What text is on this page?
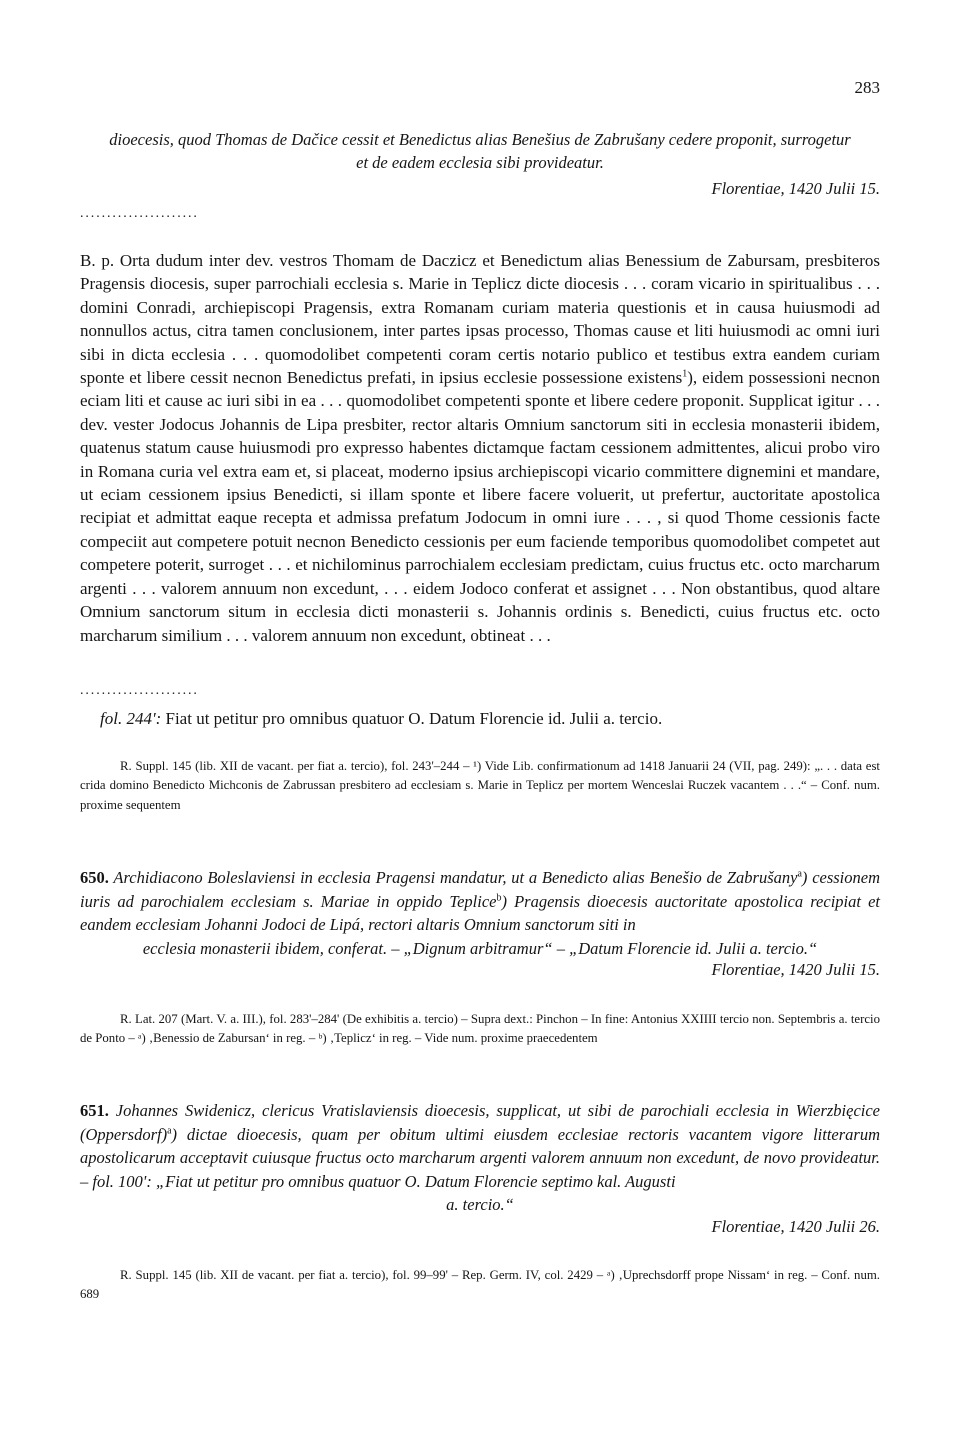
283
dioecesis, quod Thomas de Dačice cessit et Benedictus alias Benešius de Zabrušany cedere proponit, surrogetur
et de eadem ecclesia sibi provideatur.
Florentiae, 1420 Julii 15.
......................
B. p. Orta dudum inter dev. vestros Thomam de Daczicz et Benedictum alias Benessium de Zabursam, presbiteros Pragensis diocesis, super parrochiali ecclesia s. Marie in Teplicz dicte diocesis . . . coram vicario in spiritualibus . . . domini Conradi, archiepiscopi Pragensis, extra Romanam curiam materia questionis et in causa huiusmodi ad nonnullos actus, citra tamen conclusionem, inter partes ipsas processo, Thomas cause et liti huiusmodi ac omni iuri sibi in dicta ecclesia . . . quomodolibet competenti coram certis notario publico et testibus extra eandem curiam sponte et libere cessit necnon Benedictus prefati, in ipsius ecclesie possessione existens$^1$), eidem possessioni necnon eciam liti et cause ac iuri sibi in ea . . . quomodolibet competenti sponte et libere cedere proponit. Supplicat igitur . . . dev. vester Jodocus Johannis de Lipa presbiter, rector altaris Omnium sanctorum siti in ecclesia monasterii ibidem, quatenus statum cause huiusmodi pro expresso habentes dictamque factam cessionem admittentes, alicui probo viro in Romana curia vel extra eam et, si placeat, moderno ipsius archiepiscopi vicario committere dignemini et mandare, ut eciam cessionem ipsius Benedicti, si illam sponte et libere facere voluerit, ut prefertur, auctoritate apostolica recipiat et admittat eaque recepta et admissa prefatum Jodocum in omni iure . . . , si quod Thome cessionis facte compeciit aut competere potuit necnon Benedicto cessionis per eum faciende temporibus quomodolibet competet aut competere poterit, surroget . . . et nichilominus parrochialem ecclesiam predictam, cuius fructus etc. octo marcharum argenti . . . valorem annuum non excedunt, . . . eidem Jodoco conferat et assignet . . . Non obstantibus, quod altare Omnium sanctorum situm in ecclesia dicti monasterii s. Johannis ordinis s. Benedicti, cuius fructus etc. octo marcharum similium . . . valorem annuum non excedunt, obtineat . . .
......................
fol. 244': Fiat ut petitur pro omnibus quatuor O. Datum Florencie id. Julii a. tercio.
R. Suppl. 145 (lib. XII de vacant. per fiat a. tercio), fol. 243'–244 – ¹) Vide Lib. confirmationum ad 1418 Januarii 24 (VII, pag. 249): „. . . data est crida domino Benedicto Michconis de Zabrussan presbitero ad ecclesiam s. Marie in Teplicz per mortem Wenceslai Ruczek vacantem . . .“ – Conf. num. proxime sequentem
650. Archidiacono Boleslaviensi in ecclesia Pragensi mandatur, ut a Benedicto alias Benešio de Zabrušany$^a$) cessionem iuris ad parochialem ecclesiam s. Mariae in oppido Teplice$^b$) Pragensis dioecesis auctoritate apostolica recipiat et eandem ecclesiam Johanni Jodoci de Lipá, rectori altaris Omnium sanctorum siti in
ecclesia monasterii ibidem, conferat. – „Dignum arbitramur“ – „Datum Florencie id. Julii a. tercio.“
Florentiae, 1420 Julii 15.
R. Lat. 207 (Mart. V. a. III.), fol. 283'–284' (De exhibitis a. tercio) – Supra dext.: Pinchon – In fine: Antonius XXIIII tercio non. Septembris a. tercio de Ponto – ᵃ) ‚Benessio de Zabursan‘ in reg. – ᵇ) ‚Teplicz‘ in reg. – Vide num. proxime praecedentem
651. Johannes Swidenicz, clericus Vratislaviensis dioecesis, supplicat, ut sibi de parochiali ecclesia in Wierzbięcice (Oppersdorf)$^a$) dictae dioecesis, quam per obitum ultimi eiusdem ecclesiae rectoris vacantem vigore litterarum apostolicarum acceptavit cuiusque fructus octo marcharum argenti valorem annuum non excedunt, de novo provideatur. – fol. 100': „Fiat ut petitur pro omnibus quatuor O. Datum Florencie septimo kal. Augusti
a. tercio.“
Florentiae, 1420 Julii 26.
R. Suppl. 145 (lib. XII de vacant. per fiat a. tercio), fol. 99–99' – Rep. Germ. IV, col. 2429 – ᵃ) ‚Uprechsdorff prope Nissam‘ in reg. – Conf. num. 689
